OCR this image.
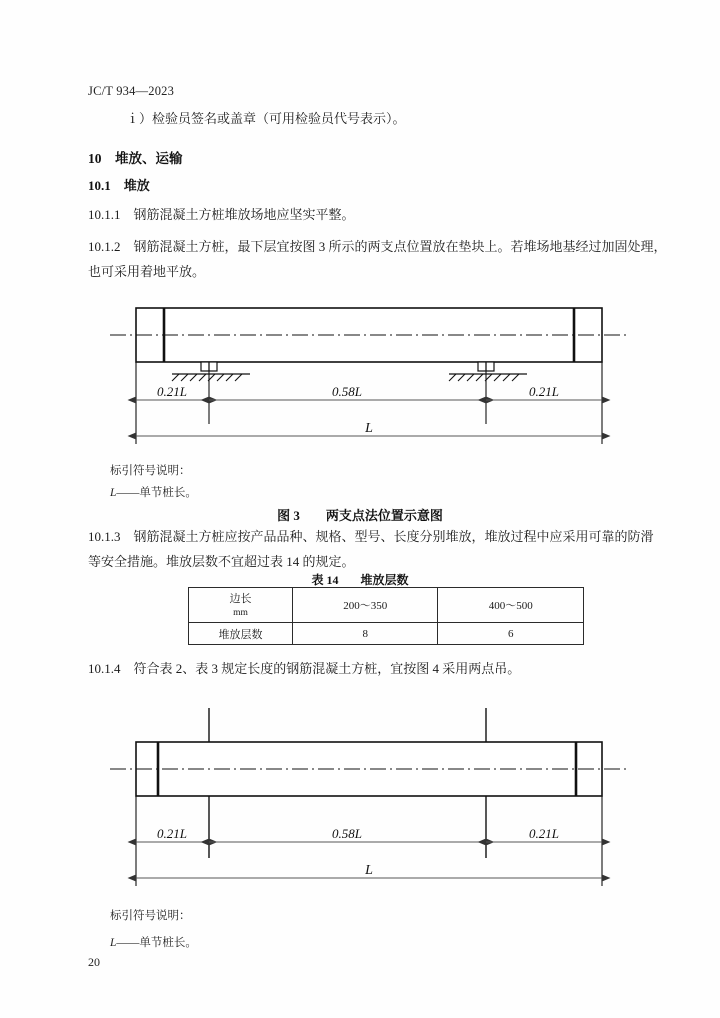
JC/T 934—2023
ｉ）检验员签名或盖章（可用检验员代号表示）。
10　堆放、运输
10.1　堆放
10.1.1　钢筋混凝土方桩堆放场地应坚实平整。
10.1.2　钢筋混凝土方桩，最下层宜按图 3 所示的两支点位置放在垫块上。若堆场地基经过加固处理，
也可采用着地平放。
0.21L	0.58L	0.21L
L
标引符号说明：
L——单节桩长。
图 3 两支点法位置示意图
10.1.3　钢筋混凝土方桩应按产品品种、规格、型号、长度分别堆放，堆放过程中应采用可靠的防滑
等安全措施。堆放层数不宜超过表 14 的规定。
表 14 堆放层数
边长
mm	200～350	400～500
堆放层数	8	6
10.1.4　符合表 2、表 3 规定长度的钢筋混凝土方桩，宜按图 4 采用两点吊。
0.21L	0.58L	0.21L
L
标引符号说明：
L——单节桩长。
20
